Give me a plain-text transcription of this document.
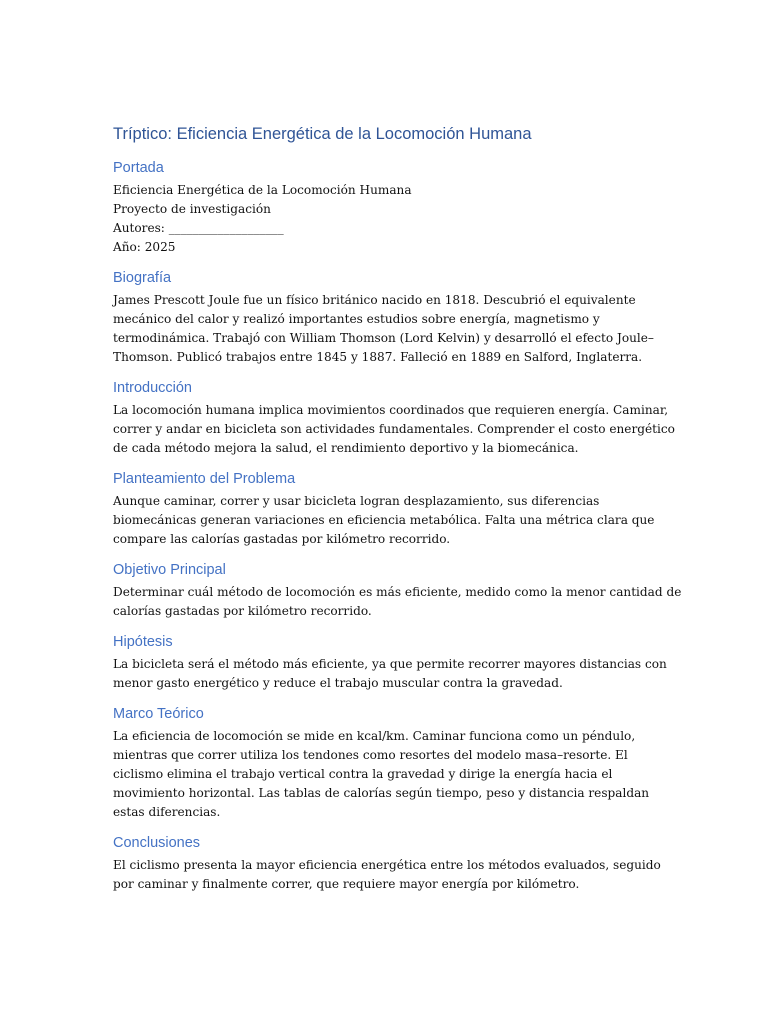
Tríptico: Eficiencia Energética de la Locomoción Humana
Portada

Eficiencia Energética de la Locomoción Humana
Proyecto de investigación
Autores: ___________________
Año: 2025

Biografía

James Prescott Joule fue un físico británico nacido en 1818. Descubrió el equivalente
mecánico del calor y realizó importantes estudios sobre energía, magnetismo y
termodinámica. Trabajó con William Thomson (Lord Kelvin) y desarrolló el efecto Joule–
Thomson. Publicó trabajos entre 1845 y 1887. Falleció en 1889 en Salford, Inglaterra.

Introducción

La locomoción humana implica movimientos coordinados que requieren energía. Caminar,
correr y andar en bicicleta son actividades fundamentales. Comprender el costo energético
de cada método mejora la salud, el rendimiento deportivo y la biomecánica.

Planteamiento del Problema

Aunque caminar, correr y usar bicicleta logran desplazamiento, sus diferencias
biomecánicas generan variaciones en eficiencia metabólica. Falta una métrica clara que
compare las calorías gastadas por kilómetro recorrido.

Objetivo Principal

Determinar cuál método de locomoción es más eficiente, medido como la menor cantidad de
calorías gastadas por kilómetro recorrido.

Hipótesis

La bicicleta será el método más eficiente, ya que permite recorrer mayores distancias con
menor gasto energético y reduce el trabajo muscular contra la gravedad.

Marco Teórico

La eficiencia de locomoción se mide en kcal/km. Caminar funciona como un péndulo,
mientras que correr utiliza los tendones como resortes del modelo masa–resorte. El
ciclismo elimina el trabajo vertical contra la gravedad y dirige la energía hacia el
movimiento horizontal. Las tablas de calorías según tiempo, peso y distancia respaldan
estas diferencias.

Conclusiones

El ciclismo presenta la mayor eficiencia energética entre los métodos evaluados, seguido
por caminar y finalmente correr, que requiere mayor energía por kilómetro.
